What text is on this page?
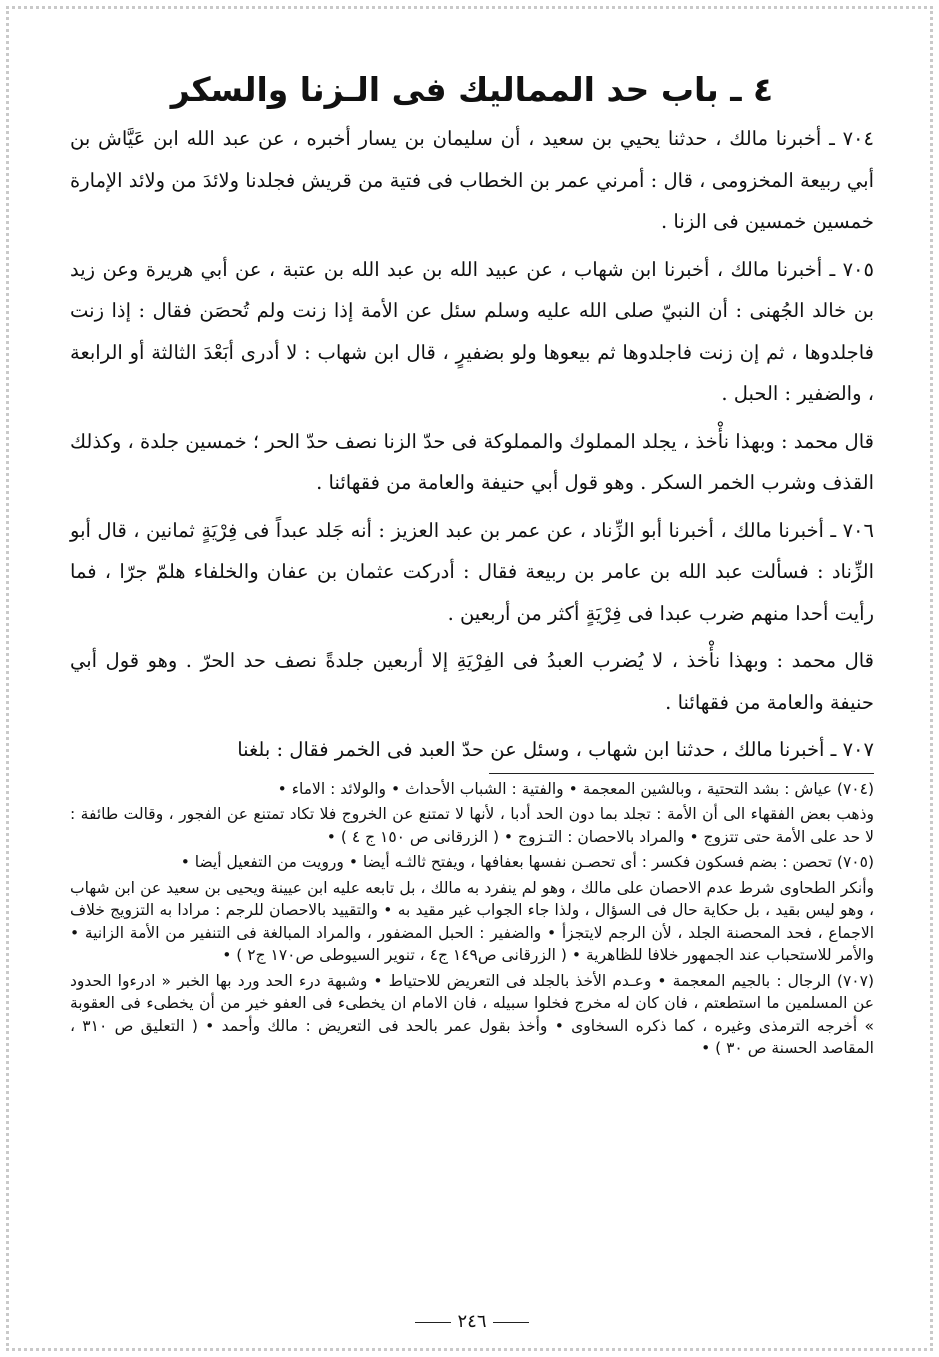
٤ ـ باب حد المماليك فى الـزنا والسكر
٧٠٤ ـ أخبرنا مالك ، حدثنا يحيي بن سعيد ، أن سليمان بن يسار أخبره ، عن عبد الله ابن عَيَّاش بن أبي ربيعة المخزومى ، قال : أمرني عمر بن الخطاب فى فتية من قريش فجلدنا ولائدَ من ولائد الإمارة خمسين خمسين فى الزنا .
٧٠٥ ـ أخبرنا مالك ، أخبرنا ابن شهاب ، عن عبيد الله بن عبد الله بن عتبة ، عن أبي هريرة وعن زيد بن خالد الجُهنى : أن النبيّ صلى الله عليه وسلم سئل عن الأمة إذا زنت ولم تُحصَن فقال : إذا زنت فاجلدوها ، ثم إن زنت فاجلدوها ثم بيعوها ولو بضفيرٍ ، قال ابن شهاب : لا أدرى أبَعْدَ الثالثة أو الرابعة ، والضفير : الحبل .
قال محمد : وبهذا نأْخذ ، يجلد المملوك والمملوكة فى حدّ الزنا نصف حدّ الحر ؛ خمسين جلدة ، وكذلك القذف وشرب الخمر السكر . وهو قول أبي حنيفة والعامة من فقهائنا .
٧٠٦ ـ أخبرنا مالك ، أخبرنا أبو الزِّناد ، عن عمر بن عبد العزيز : أنه جَلد عبداً فى فِرْيَةٍ ثمانين ، قال أبو الزِّناد : فسألت عبد الله بن عامر بن ربيعة فقال : أدركت عثمان بن عفان والخلفاء هلمّ جرّا ، فما رأيت أحدا منهم ضرب عبدا فى فِرْيَةٍ أكثر من أربعين .
قال محمد : وبهذا نأْخذ ، لا يُضرب العبدُ فى الفِرْيَةِ إلا أربعين جلدةً نصف حد الحرّ . وهو قول أبي حنيفة والعامة من فقهائنا .
٧٠٧ ـ أخبرنا مالك ، حدثنا ابن شهاب ، وسئل عن حدّ العبد فى الخمر فقال : بلغنا
(٧٠٤) عياش : بشد التحتية ، وبالشين المعجمة • والفتية : الشباب الأحداث • والولائد : الاماء •
وذهب بعض الفقهاء الى أن الأمة : تجلد بما دون الحد أدبا ، لأنها لا تمتنع عن الخروج فلا تكاد تمتنع عن الفجور ، وقالت طائفة : لا حد على الأمة حتى تتزوج • والمراد بالاحصان : التـزوج • ( الزرقانى ص ١٥٠ ج ٤ ) •
(٧٠٥) تحصن : بضم فسكون فكسر : أى تحصـن نفسها بعفافها ، ويفتح ثالثـه أيضا • ورويت من التفعيل أيضا •
وأنكر الطحاوى شرط عدم الاحصان على مالك ، وهو لم ينفرد به مالك ، بل تابعه عليه ابن عيينة ويحيى بن سعيد عن ابن شهاب ، وهو ليس بقيد ، بل حكاية حال فى السؤال ، ولذا جاء الجواب غير مقيد به • والتقييد بالاحصان للرجم : مرادا به التزويج خلاف الاجماع ، فحد المحصنة الجلد ، لأن الرجم لايتجزأ • والضفير : الحبل المضفور ، والمراد المبالغة فى التنفير من الأمة الزانية • والأمر للاستحباب عند الجمهور خلافا للظاهرية • ( الزرقانى ص١٤٩ ج٤ ، تنوير السيوطى ص١٧٠ ج٢ ) •
(٧٠٧) الرجال : بالجيم المعجمة • وعـدم الأخذ بالجلد فى التعريض للاحتياط • وشبهة درء الحد ورد بها الخبر « ادرءوا الحدود عن المسلمين ما استطعتم ، فان كان له مخرج فخلوا سبيله ، فان الامام ان يخطىء فى العفو خير من أن يخطىء فى العقوبة » أخرجه الترمذى وغيره ، كما ذكره السخاوى • وأخذ بقول عمر بالحد فى التعريض : مالك وأحمد • ( التعليق ص ٣١٠ ، المقاصد الحسنة ص ٣٠ ) •
٢٤٦
